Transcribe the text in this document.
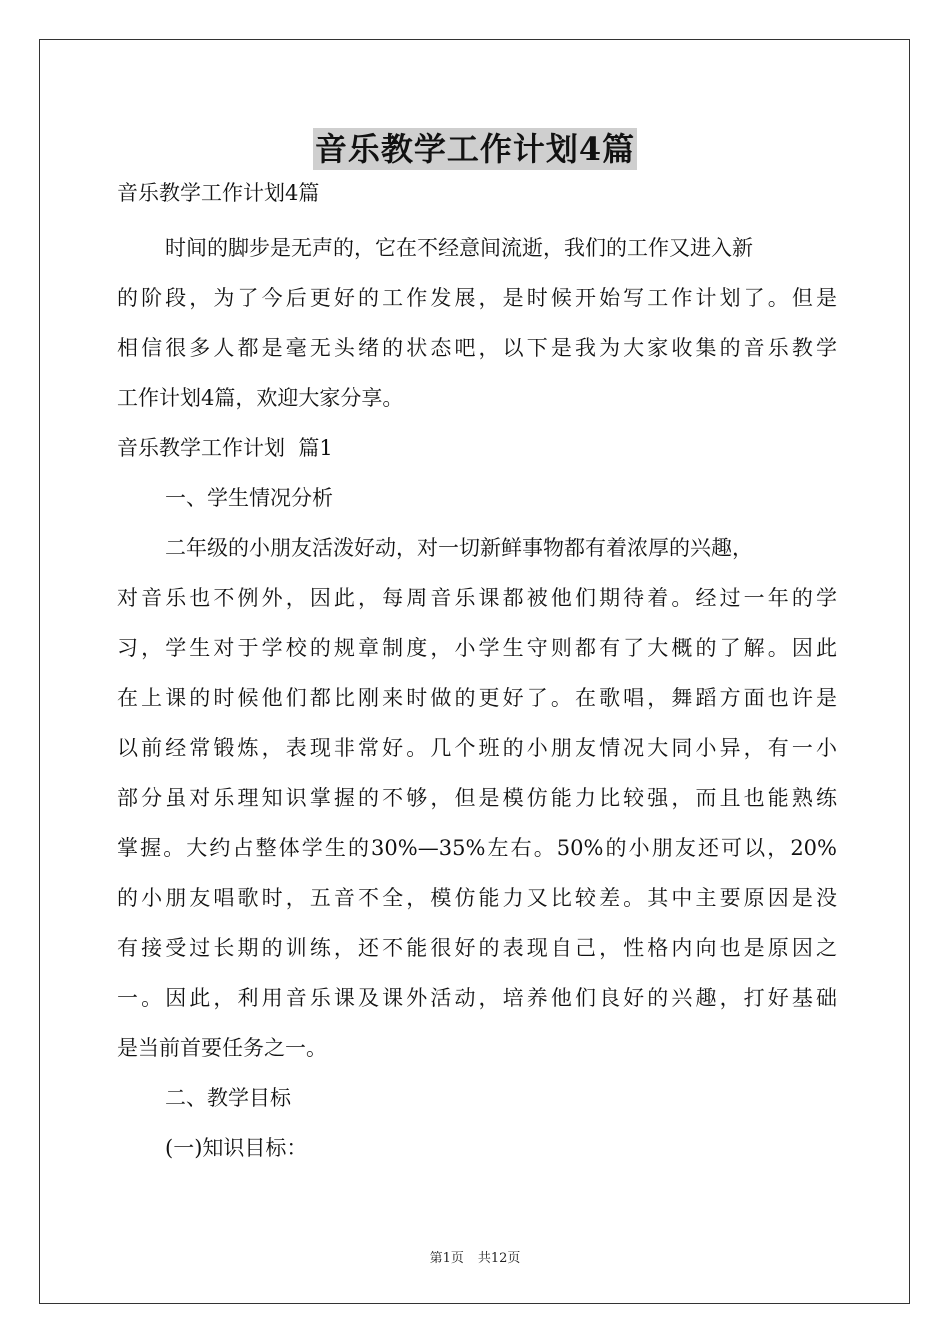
音乐教学工作计划4篇
音乐教学工作计划4篇
时间的脚步是无声的，它在不经意间流逝，我们的工作又进入新
的阶段，为了今后更好的工作发展，是时候开始写工作计划了。但是
相信很多人都是毫无头绪的状态吧，以下是我为大家收集的音乐教学
工作计划4篇，欢迎大家分享。
音乐教学工作计划  篇1
一、学生情况分析
二年级的小朋友活泼好动，对一切新鲜事物都有着浓厚的兴趣，
对音乐也不例外，因此，每周音乐课都被他们期待着。经过一年的学
习，学生对于学校的规章制度，小学生守则都有了大概的了解。因此
在上课的时候他们都比刚来时做的更好了。在歌唱，舞蹈方面也许是
以前经常锻炼，表现非常好。几个班的小朋友情况大同小异，有一小
部分虽对乐理知识掌握的不够，但是模仿能力比较强，而且也能熟练
掌握。大约占整体学生的30%—35%左右。50%的小朋友还可以，20%
的小朋友唱歌时，五音不全，模仿能力又比较差。其中主要原因是没
有接受过长期的训练，还不能很好的表现自己，性格内向也是原因之
一。因此，利用音乐课及课外活动，培养他们良好的兴趣，打好基础
是当前首要任务之一。
二、教学目标
(一)知识目标：
第1页 共12页
